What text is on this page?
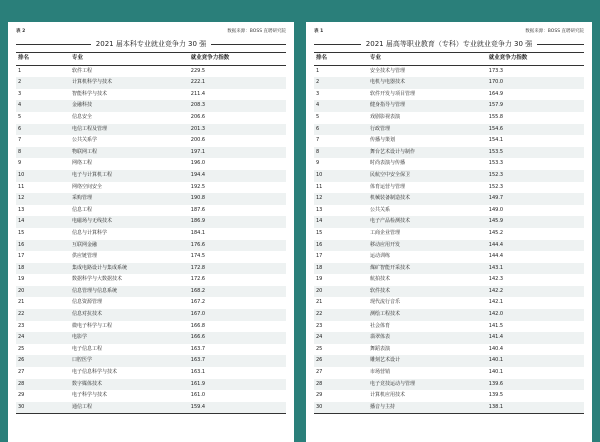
表 2	数据来源：BOSS 直聘研究院
2021 届本科专业就业竞争力 30 强
排名	专业	就业竞争力指数
1	软件工程	229.5
2	计算机科学与技术	222.1
3	智能科学与技术	211.4
4	金融科技	208.3
5	信息安全	206.6
6	电信工程及管理	201.3
7	公共关系学	200.6
8	物联网工程	197.1
9	网络工程	196.0
10	电子与计算机工程	194.4
11	网络空间安全	192.5
12	采购管理	190.8
13	信息工程	187.6
14	电磁场与无线技术	186.9
15	信息与计算科学	184.1
16	互联网金融	176.6
17	供应链管理	174.5
18	集成电路设计与集成系统	172.8
19	数据科学与大数据技术	172.6
20	信息管理与信息系统	168.2
21	信息资源管理	167.2
22	信息对抗技术	167.0
23	微电子科学与工程	166.8
24	电影学	166.6
25	电子信息工程	163.7
26	口腔医学	163.7
27	电子信息科学与技术	163.1
28	数字媒体技术	161.9
29	电子科学与技术	161.0
30	通信工程	159.4
表 1	数据来源：BOSS 直聘研究院
2021 届高等职业教育（专科）专业就业竞争力 30 强
排名	专业	就业竞争力指数
1	安全技术与管理	173.3
2	电机与电器技术	170.0
3	软件开发与项目管理	164.9
4	健身指导与管理	157.9
5	戏剧影视表演	155.8
6	行政管理	154.6
7	传播与策划	154.1
8	舞台艺术设计与制作	153.5
9	时尚表演与传播	153.3
10	民航空中安全保卫	152.3
11	体育运营与管理	152.3
12	机械装备制造技术	149.7
13	公共关系	149.0
14	电子产品检测技术	145.9
15	工商企业管理	145.2
16	移动应用开发	144.4
17	运动训练	144.4
18	煤矿智能开采技术	143.1
19	航拍技术	142.3
20	软件技术	142.2
21	现代流行音乐	142.1
22	测绘工程技术	142.0
23	社会体育	141.5
24	翡翠体表	141.4
25	舞蹈表演	140.4
26	雕刻艺术设计	140.1
27	市场营销	140.1
28	电子竞技运动与管理	139.6
29	计算机应用技术	139.5
30	播音与主持	138.1
